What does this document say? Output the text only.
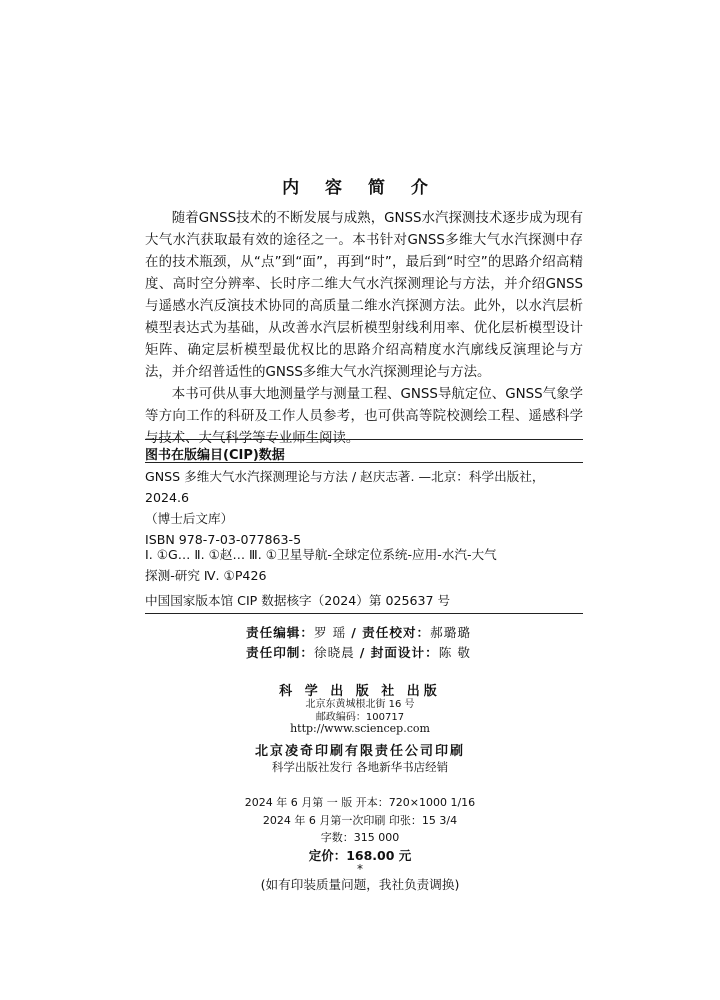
内 容 简 介

随着GNSS技术的不断发展与成熟，GNSS水汽探测技术逐步成为现有大气水汽获取最有效的途径之一。本书针对GNSS多维大气水汽探测中存在的技术瓶颈，从“点”到“面”，再到“时”，最后到“时空”的思路介绍高精度、高时空分辨率、长时序二维大气水汽探测理论与方法，并介绍GNSS与遥感水汽反演技术协同的高质量二维水汽探测方法。此外，以水汽层析模型表达式为基础，从改善水汽层析模型射线利用率、优化层析模型设计矩阵、确定层析模型最优权比的思路介绍高精度水汽廓线反演理论与方法，并介绍普适性的GNSS多维大气水汽探测理论与方法。

本书可供从事大地测量学与测量工程、GNSS导航定位、GNSS气象学等方向工作的科研及工作人员参考，也可供高等院校测绘工程、遥感科学与技术、大气科学等专业师生阅读。

图书在版编目(CIP)数据
GNSS 多维大气水汽探测理论与方法 / 赵庆志著. —北京：科学出版社，
2024.6
（博士后文库）
ISBN 978-7-03-077863-5
Ⅰ. ①G… Ⅱ. ①赵… Ⅲ. ①卫星导航-全球定位系统-应用-水汽-大气
探测-研究 Ⅳ. ①P426
中国国家版本馆 CIP 数据核字（2024）第 025637 号
责任编辑：罗 瑶 / 责任校对：郝璐璐
责任印制：徐晓晨 / 封面设计：陈 敬
科 学 出 版 社 出版
北京东黄城根北街 16 号
邮政编码：100717
http://www.sciencep.com
北京凌奇印刷有限责任公司印刷
科学出版社发行 各地新华书店经销
2024 年 6 月第 一 版 开本：720×1000 1/16
2024 年 6 月第一次印刷 印张：15 3/4
字数：315 000
定价：168.00 元
*
(如有印装质量问题，我社负责调换)
